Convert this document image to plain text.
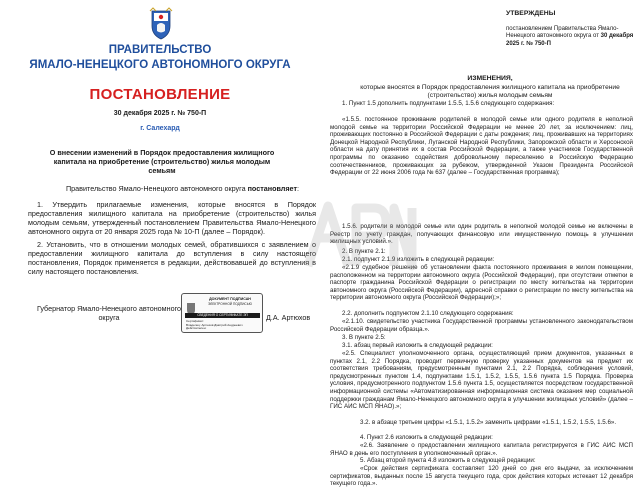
ПРАВИТЕЛЬСТВО
ЯМАЛО-НЕНЕЦКОГО АВТОНОМНОГО ОКРУГА
ПОСТАНОВЛЕНИЕ
30 декабря 2025 г. № 750-П
г. Салехард
О внесении изменений в Порядок предоставления жилищного капитала на приобретение (строительство) жилья молодым семьям
Правительство Ямало-Ненецкого автономного округа постановляет:
1. Утвердить прилагаемые изменения, которые вносятся в Порядок предоставления жилищного капитала на приобретение (строительство) жилья молодым семьям, утвержденный постановлением Правительства Ямало-Ненецкого автономного округа от 20 января 2025 года № 10-П (далее – Порядок).
2. Установить, что в отношении молодых семей, обратившихся с заявлением о предоставлении жилищного капитала до вступления в силу настоящего постановления, Порядок применяется в редакции, действовавшей до вступления в силу настоящего постановления.
Губернатор Ямало-Ненецкого автономного округа
ДОКУМЕНТ ПОДПИСАН
ЭЛЕКТРОННОЙ ПОДПИСЬЮ
СВЕДЕНИЯ О СЕРТИФИКАТЕ ЭП
Сертификат:
Владелец: Артюхов Дмитрий Андреевич
Действителен:
Д.А. Артюхов
УТВЕРЖДЕНЫ
постановлением Правительства Ямало-Ненецкого автономного округа от 30 декабря 2025 г. № 750-П
ИЗМЕНЕНИЯ,
которые вносятся в Порядок предоставления жилищного капитала на приобретение (строительство) жилья молодым семьям
1. Пункт 1.5 дополнить подпунктами 1.5.5, 1.5.6 следующего содержания:
«1.5.5. постоянное проживание родителей в молодой семье или одного родителя в неполной молодой семье на территории Российской Федерации не менее 20 лет, за исключением: лиц, проживающих постоянно в Российской Федерации с даты рождения; лиц, проживавших на территориях Донецкой Народной Республики, Луганской Народной Республики, Запорожской области и Херсонской области на дату принятия их в состав Российской Федерации, а также участников Государственной программы по оказанию содействия добровольному переселению в Российскую Федерацию соотечественников, проживающих за рубежом, утвержденной Указом Президента Российской Федерации от 22 июня 2006 года № 637 (далее – Государственная программа);
1.5.6. родители в молодой семье или один родитель в неполной молодой семье не включены в Реестр по учету граждан, получающих финансовую или имущественную помощь в улучшении жилищных условий.».
2. В пункте 2.1:
2.1. подпункт 2.1.9 изложить в следующей редакции:
«2.1.9 судебное решение об установлении факта постоянного проживания в жилом помещении, расположенном на территории автономного округа (Российской Федерации), при отсутствии отметки в паспорте гражданина Российской Федерации о регистрации по месту жительства на территории автономного округа (Российской Федерации), адресной справки о регистрации по месту жительства на территории автономного округа (Российской Федерации);»;
2.2. дополнить подпунктом 2.1.10 следующего содержания:
«2.1.10. свидетельство участника Государственной программы установленного законодательством Российской Федерации образца.».
3. В пункте 2.5:
3.1. абзац первый изложить в следующей редакции:
«2.5. Специалист уполномоченного органа, осуществляющий прием документов, указанных в пунктах 2.1, 2.2 Порядка, проводит первичную проверку указанных документов на предмет их соответствия требованиям, предусмотренным пунктами 2.1, 2.2 Порядка, соблюдения условий, предусмотренных пунктом 1.4, подпунктами 1.5.1, 1.5.2, 1.5.5, 1.5.6 пункта 1.5 Порядка. Проверка условия, предусмотренного подпунктом 1.5.6 пункта 1.5, осуществляется посредством государственной информационной системы «Автоматизированная информационная система оказания мер социальной поддержки гражданам Ямало-Ненецкого автономного округа в улучшении жилищных условий» (далее – ГИС АИС МСП ЯНАО).»;
3.2. в абзаце третьем цифры «1.5.1, 1.5.2» заменить цифрами «1.5.1, 1.5.2, 1.5.5, 1.5.6».
4. Пункт 2.6 изложить в следующей редакции:
«2.6. Заявление о предоставлении жилищного капитала регистрируется в ГИС АИС МСП ЯНАО в день его поступления в уполномоченный орган.».
5. Абзац второй пункта 4.8 изложить в следующей редакции:
«Срок действия сертификата составляет 120 дней со дня его выдачи, за исключением сертификатов, выданных после 15 августа текущего года, срок действия которых истекает 12 декабря текущего года.».
